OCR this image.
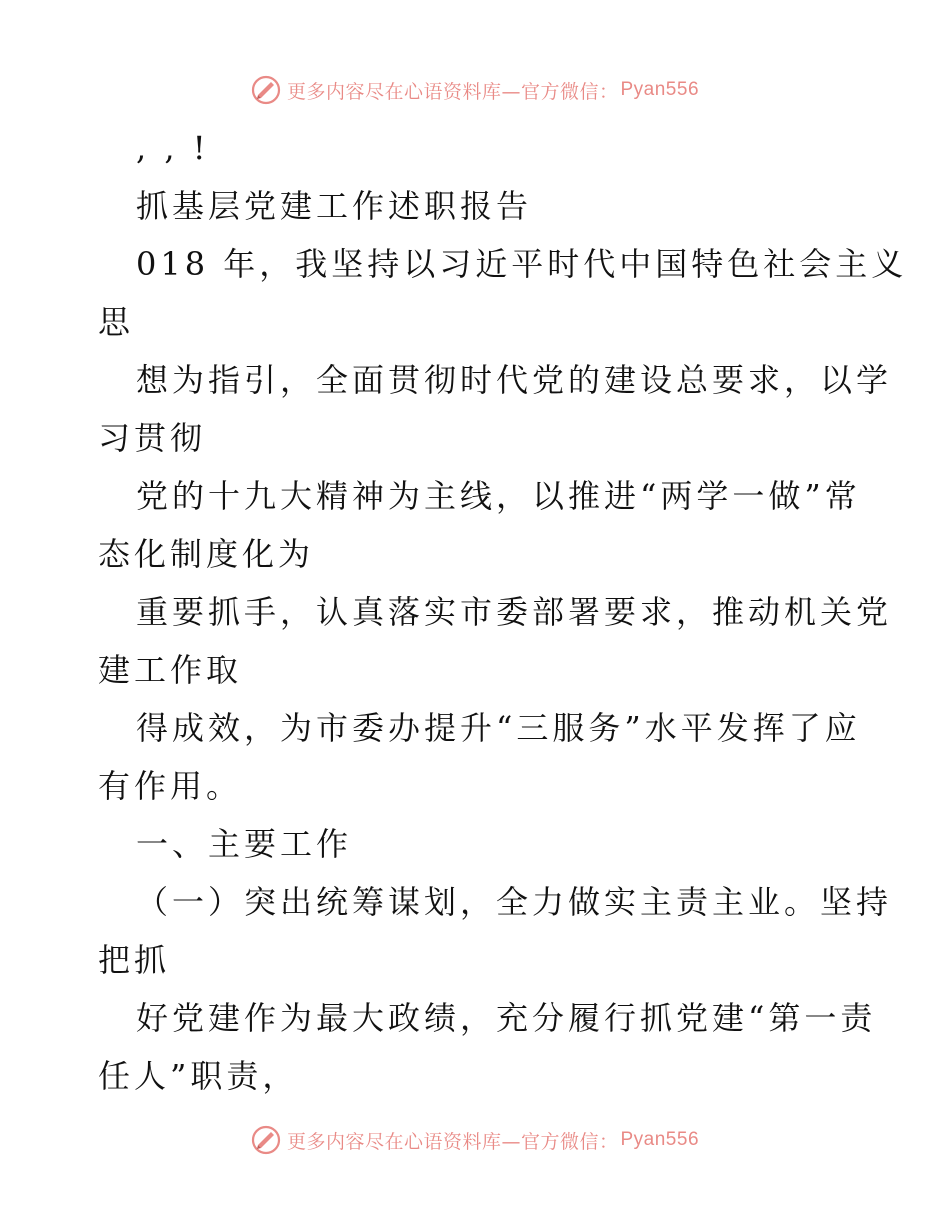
更多内容尽在心语资料库—官方微信： Pyan556
, , !
抓基层党建工作述职报告
018 年，我坚持以习近平时代中国特色社会主义
思
想为指引，全面贯彻时代党的建设总要求，以学
习贯彻
党的十九大精神为主线，以推进“两学一做”常
态化制度化为
重要抓手，认真落实市委部署要求，推动机关党
建工作取
得成效，为市委办提升“三服务”水平发挥了应
有作用。
一、主要工作
（一）突出统筹谋划，全力做实主责主业。坚持
把抓
好党建作为最大政绩，充分履行抓党建“第一责
任人”职责，
更多内容尽在心语资料库—官方微信： Pyan556
